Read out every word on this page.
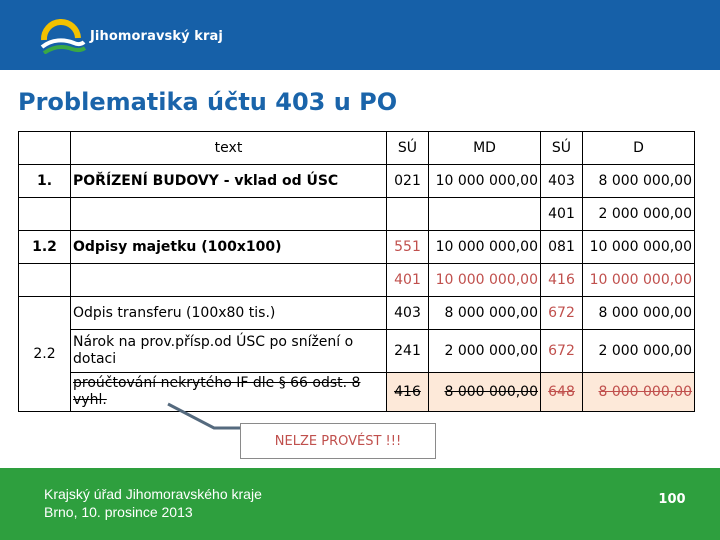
Jihomoravský kraj
Problematika účtu 403 u PO
	text	SÚ	MD	SÚ	D
1.	POŘÍZENÍ BUDOVY - vklad od ÚSC	021	10 000 000,00	403	8 000 000,00
				401	2 000 000,00
1.2	Odpisy majetku (100x100)	551	10 000 000,00	081	10 000 000,00
		401	10 000 000,00	416	10 000 000,00
2.2	Odpis transferu (100x80 tis.)	403	8 000 000,00	672	8 000 000,00
	Nárok na prov.přísp.od ÚSC po snížení o dotaci	241	2 000 000,00	672	2 000 000,00
	proúčtování nekrytého IF dle § 66 odst. 8 vyhl.	416	8 000 000,00	648	8 000 000,00
NELZE PROVÉST !!!
Krajský úřad Jihomoravského kraje
Brno, 10. prosince 2013
100
